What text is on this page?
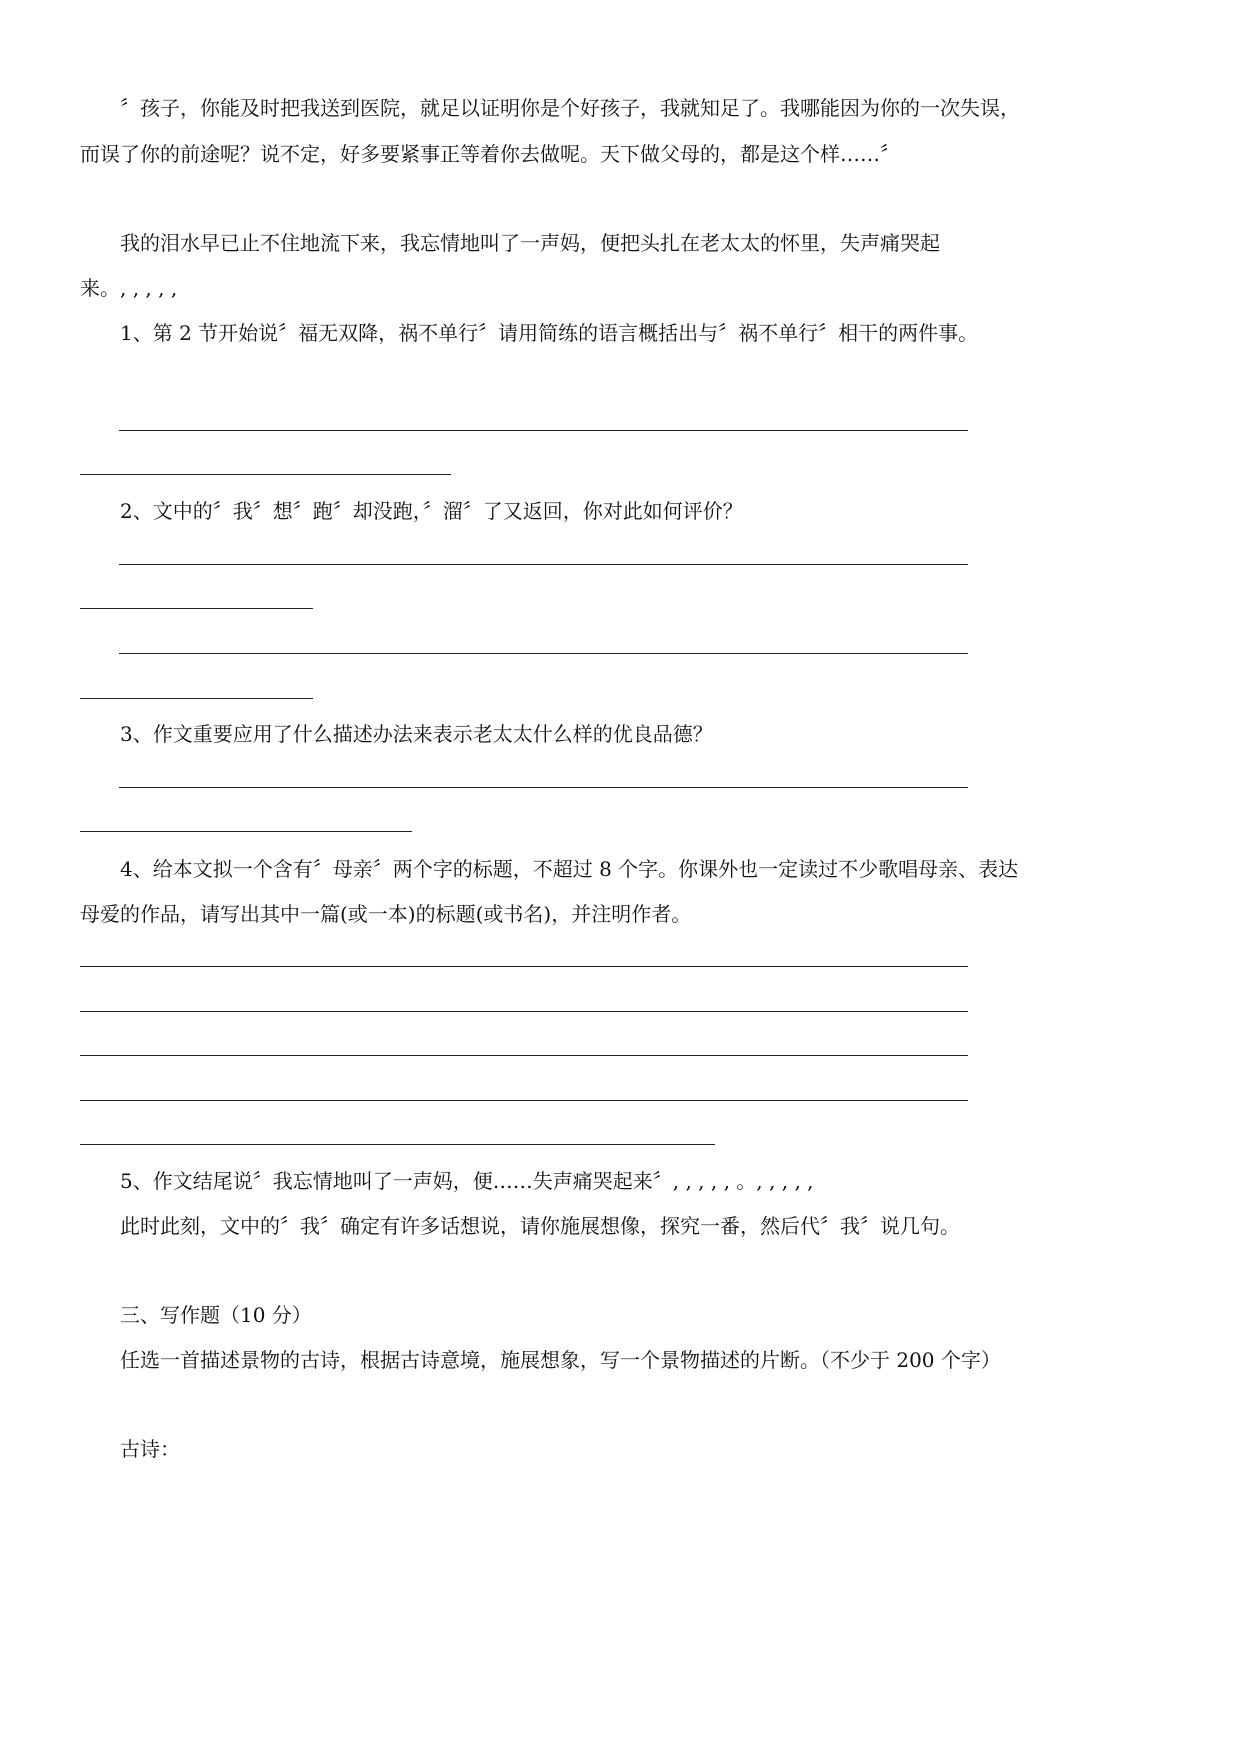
〞孩子，你能及时把我送到医院，就足以证明你是个好孩子，我就知足了。我哪能因为你的一次失误，

而误了你的前途呢？说不定，好多要紧事正等着你去做呢。天下做父母的，都是这个样……〞

我的泪水早已止不住地流下来，我忘情地叫了一声妈，便把头扎在老太太的怀里，失声痛哭起

来。, , , , ,

1、第 2 节开始说〞福无双降，祸不单行〞请用简练的语言概括出与〞祸不单行〞相干的两件事。

2、文中的〞我〞想〞跑〞却没跑，〞溜〞了又返回，你对此如何评价？

3、作文重要应用了什么描述办法来表示老太太什么样的优良品德？

4、给本文拟一个含有〞母亲〞两个字的标题，不超过 8 个字。你课外也一定读过不少歌唱母亲、表达

母爱的作品，请写出其中一篇(或一本)的标题(或书名)，并注明作者。

5、作文结尾说〞我忘情地叫了一声妈，便……失声痛哭起来〞, , , , , 。, , , , ,

此时此刻，文中的〞我〞确定有许多话想说，请你施展想像，探究一番，然后代〞我〞说几句。

三、写作题（10 分）

任选一首描述景物的古诗，根据古诗意境，施展想象，写一个景物描述的片断。（不少于 200 个字）

古诗：
